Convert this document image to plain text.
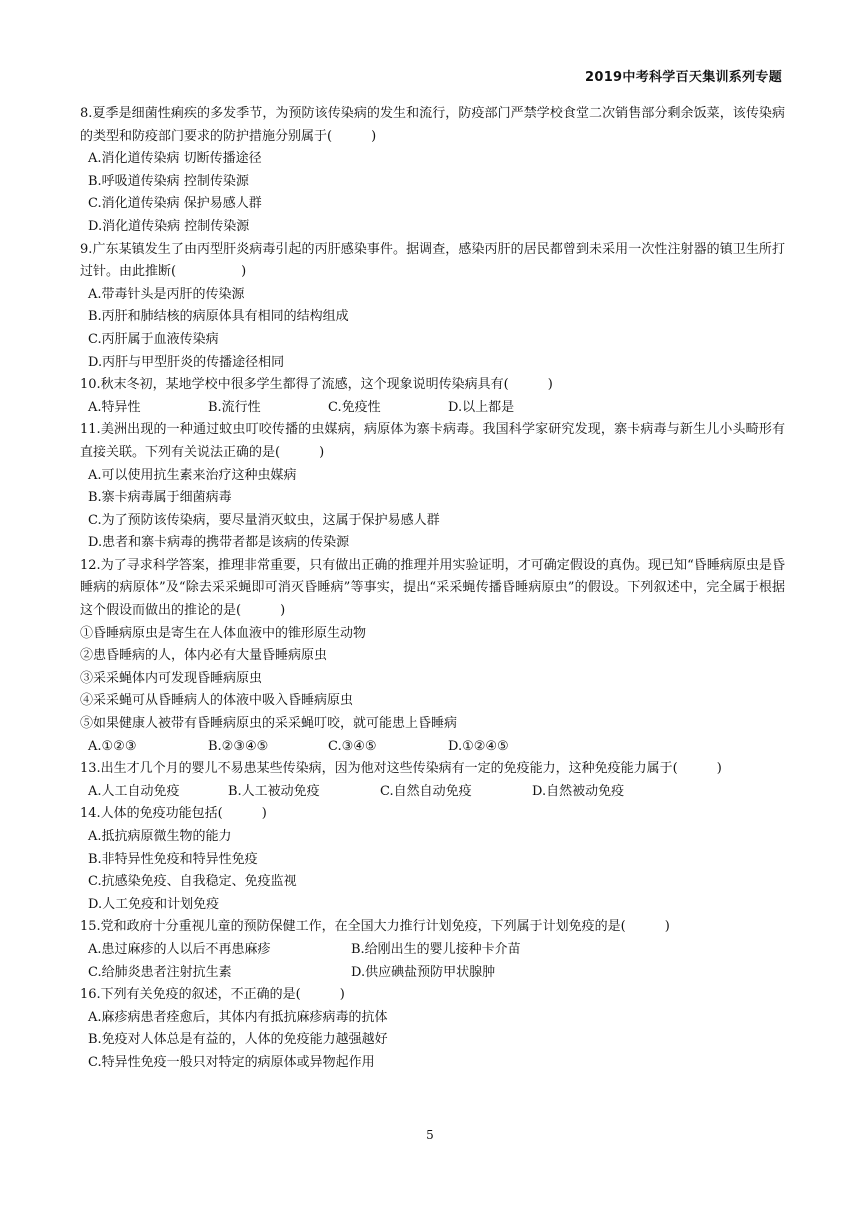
2019中考科学百天集训系列专题

8.夏季是细菌性痢疾的多发季节，为预防该传染病的发生和流行，防疫部门严禁学校食堂二次销售部分剩余饭菜，该传染病的类型和防疫部门要求的防护措施分别属于(　　　)

A.消化道传染病 切断传播途径

B.呼吸道传染病 控制传染源

C.消化道传染病 保护易感人群

D.消化道传染病 控制传染源

9.广东某镇发生了由丙型肝炎病毒引起的丙肝感染事件。据调查，感染丙肝的居民都曾到未采用一次性注射器的镇卫生所打过针。由此推断(　　　　　)

A.带毒针头是丙肝的传染源

B.丙肝和肺结核的病原体具有相同的结构组成

C.丙肝属于血液传染病

D.丙肝与甲型肝炎的传播途径相同

10.秋末冬初，某地学校中很多学生都得了流感，这个现象说明传染病具有(　　　)

A.特异性	B.流行性	C.免疫性	D.以上都是

11.美洲出现的一种通过蚊虫叮咬传播的虫媒病，病原体为寨卡病毒。我国科学家研究发现，寨卡病毒与新生儿小头畸形有直接关联。下列有关说法正确的是(　　　)

A.可以使用抗生素来治疗这种虫媒病

B.寨卡病毒属于细菌病毒

C.为了预防该传染病，要尽量消灭蚊虫，这属于保护易感人群

D.患者和寨卡病毒的携带者都是该病的传染源

12.为了寻求科学答案，推理非常重要，只有做出正确的推理并用实验证明，才可确定假设的真伪。现已知“昏睡病原虫是昏睡病的病原体”及“除去采采蝇即可消灭昏睡病”等事实，提出“采采蝇传播昏睡病原虫”的假设。下列叙述中，完全属于根据这个假设而做出的推论的是(　　　)

①昏睡病原虫是寄生在人体血液中的锥形原生动物

②患昏睡病的人，体内必有大量昏睡病原虫

③采采蝇体内可发现昏睡病原虫

④采采蝇可从昏睡病人的体液中吸入昏睡病原虫

⑤如果健康人被带有昏睡病原虫的采采蝇叮咬，就可能患上昏睡病

A.①②③	B.②③④⑤	C.③④⑤	D.①②④⑤

13.出生才几个月的婴儿不易患某些传染病，因为他对这些传染病有一定的免疫能力，这种免疫能力属于(　　　)

A.人工自动免疫	B.人工被动免疫	C.自然自动免疫	D.自然被动免疫

14.人体的免疫功能包括(　　　)

A.抵抗病原微生物的能力

B.非特异性免疫和特异性免疫

C.抗感染免疫、自我稳定、免疫监视

D.人工免疫和计划免疫

15.党和政府十分重视儿童的预防保健工作，在全国大力推行计划免疫，下列属于计划免疫的是(　　　)

A.患过麻疹的人以后不再患麻疹	B.给刚出生的婴儿接种卡介苗
C.给肺炎患者注射抗生素	D.供应碘盐预防甲状腺肿

16.下列有关免疫的叙述，不正确的是(　　　)

A.麻疹病患者痊愈后，其体内有抵抗麻疹病毒的抗体

B.免疫对人体总是有益的，人体的免疫能力越强越好

C.特异性免疫一般只对特定的病原体或异物起作用

5
